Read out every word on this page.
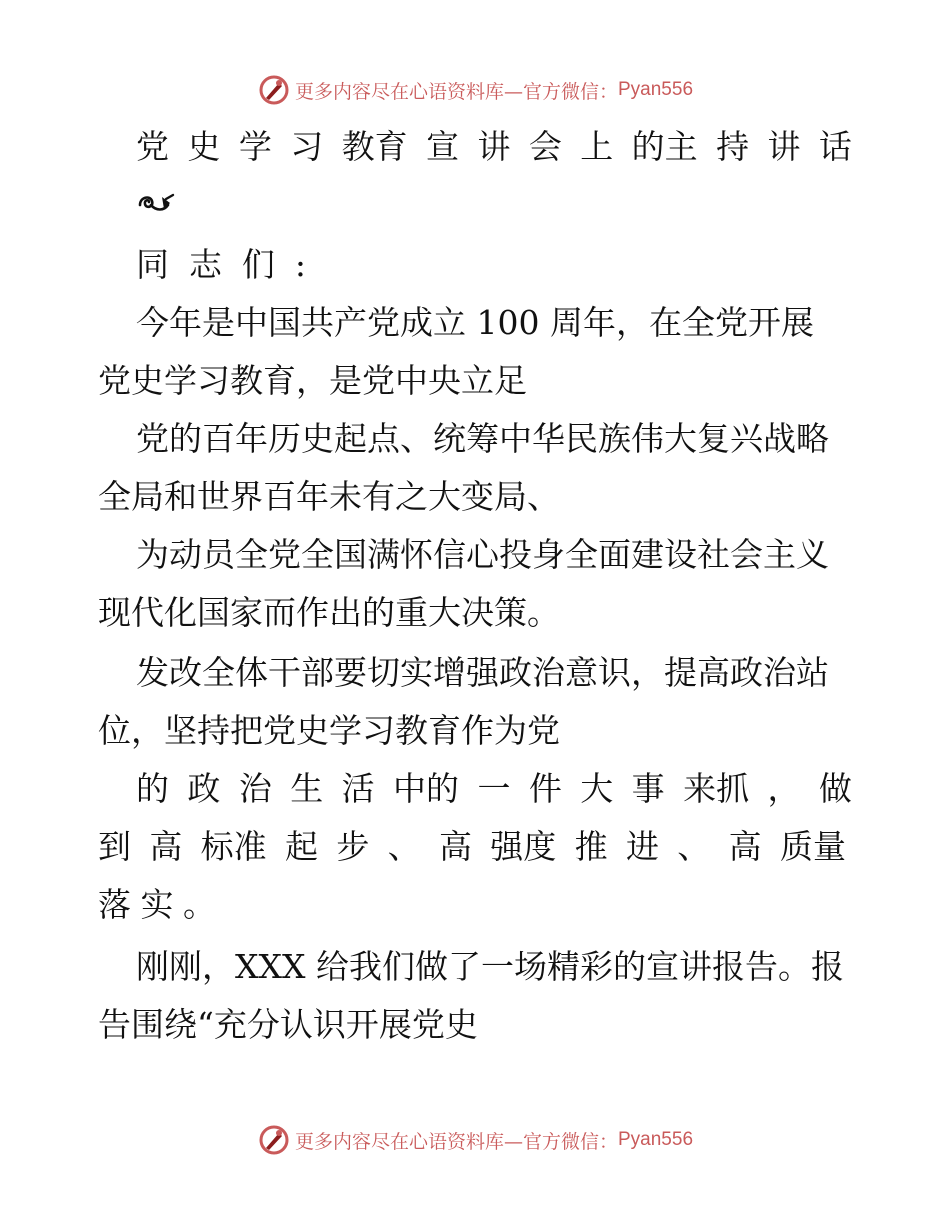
更多内容尽在心语资料库—官方微信： Pyan556
党 史 学 习 教育 宣 讲 会 上 的主 持 讲 话
同 志 们 :
今年是中国共产党成立 100 周年，在全党开展
党史学习教育，是党中央立足
党的百年历史起点、统筹中华民族伟大复兴战略
全局和世界百年未有之大变局、
为动员全党全国满怀信心投身全面建设社会主义
现代化国家而作出的重大决策。
发改全体干部要切实增强政治意识，提高政治站
位，坚持把党史学习教育作为党
的 政 治 生 活 中的 一 件 大 事 来抓 ， 做
到 高 标准 起 步 、 高 强度 推 进 、 高 质量
落 实 。
刚刚，XXX 给我们做了一场精彩的宣讲报告。报
告围绕“充分认识开展党史
更多内容尽在心语资料库—官方微信： Pyan556
